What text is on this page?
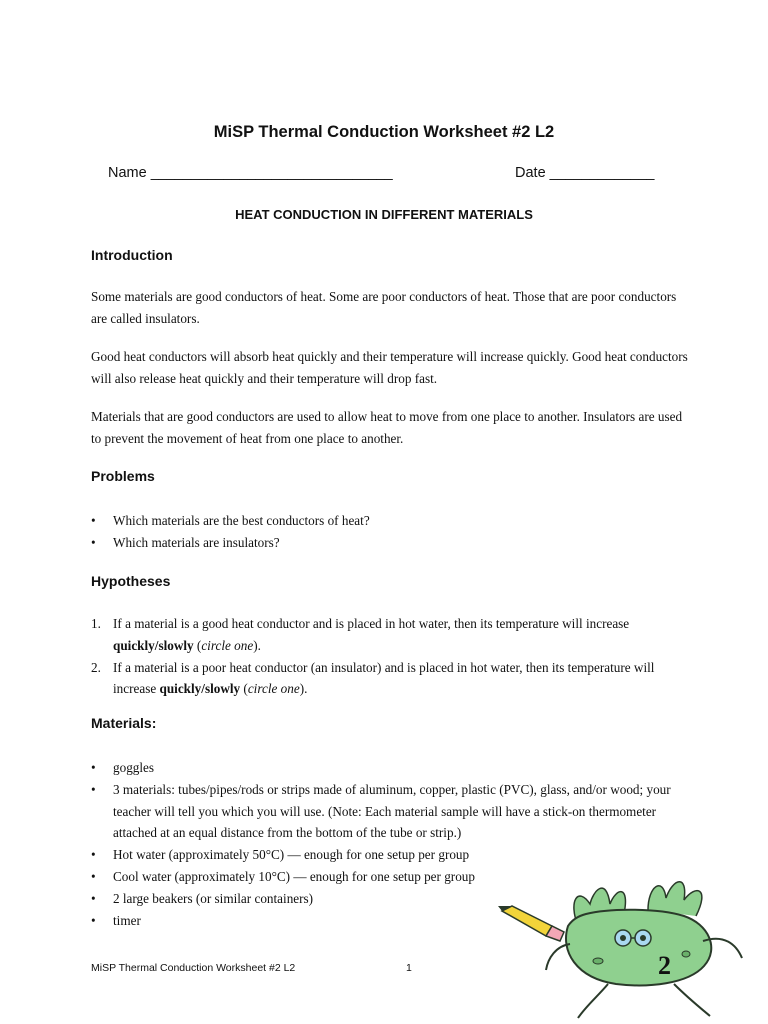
MiSP Thermal Conduction Worksheet #2 L2
Name ______________________________	Date _____________
HEAT CONDUCTION IN DIFFERENT MATERIALS
Introduction
Some materials are good conductors of heat. Some are poor conductors of heat. Those that are poor conductors are called insulators.
Good heat conductors will absorb heat quickly and their temperature will increase quickly. Good heat conductors will also release heat quickly and their temperature will drop fast.
Materials that are good conductors are used to allow heat to move from one place to another. Insulators are used to prevent the movement of heat from one place to another.
Problems
• Which materials are the best conductors of heat?
• Which materials are insulators?
Hypotheses
1. If a material is a good heat conductor and is placed in hot water, then its temperature will increase quickly/slowly (circle one).
2. If a material is a poor heat conductor (an insulator) and is placed in hot water, then its temperature will increase quickly/slowly (circle one).
Materials:
• goggles
• 3 materials: tubes/pipes/rods or strips made of aluminum, copper, plastic (PVC), glass, and/or wood; your teacher will tell you which you will use. (Note: Each material sample will have a stick-on thermometer attached at an equal distance from the bottom of the tube or strip.)
• Hot water (approximately 50°C) — enough for one setup per group
• Cool water (approximately 10°C) — enough for one setup per group
• 2 large beakers (or similar containers)
• timer
MiSP Thermal Conduction Worksheet #2 L2	1	2
